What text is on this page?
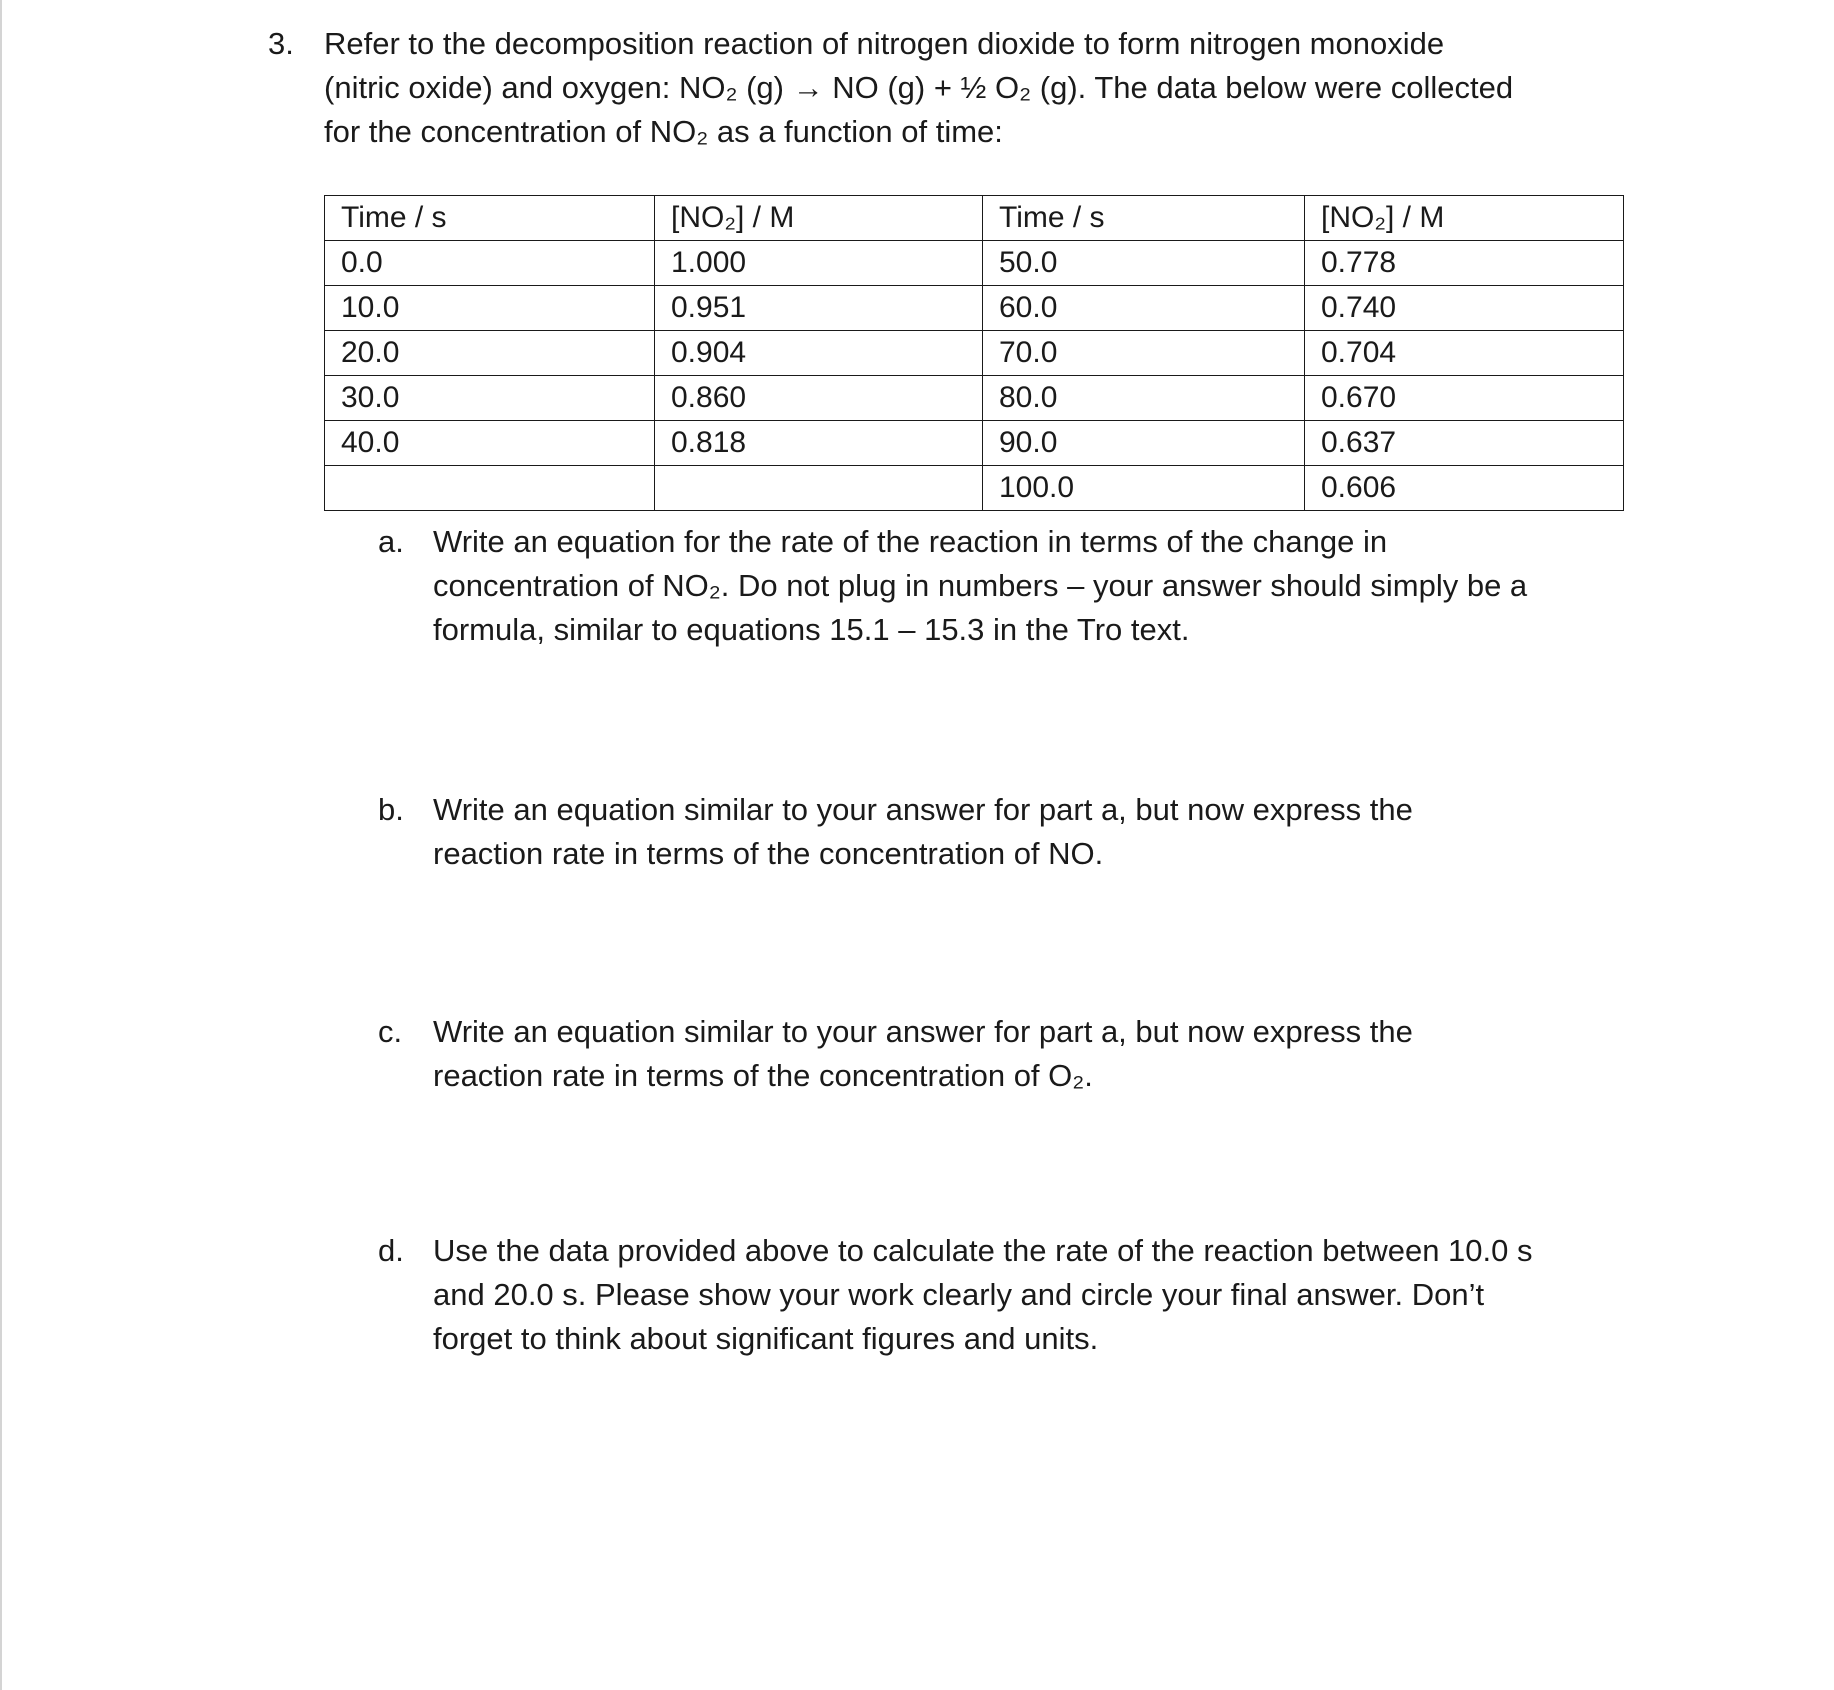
3. Refer to the decomposition reaction of nitrogen dioxide to form nitrogen monoxide
(nitric oxide) and oxygen: NO₂ (g) → NO (g) + ½ O₂ (g). The data below were collected
for the concentration of NO₂ as a function of time:
Time / s	[NO₂] / M	Time / s	[NO₂] / M
0.0	1.000	50.0	0.778
10.0	0.951	60.0	0.740
20.0	0.904	70.0	0.704
30.0	0.860	80.0	0.670
40.0	0.818	90.0	0.637
		100.0	0.606
a. Write an equation for the rate of the reaction in terms of the change in
concentration of NO₂. Do not plug in numbers – your answer should simply be a
formula, similar to equations 15.1 – 15.3 in the Tro text.
b. Write an equation similar to your answer for part a, but now express the
reaction rate in terms of the concentration of NO.
c. Write an equation similar to your answer for part a, but now express the
reaction rate in terms of the concentration of O₂.
d. Use the data provided above to calculate the rate of the reaction between 10.0 s
and 20.0 s. Please show your work clearly and circle your final answer. Don’t
forget to think about significant figures and units.
